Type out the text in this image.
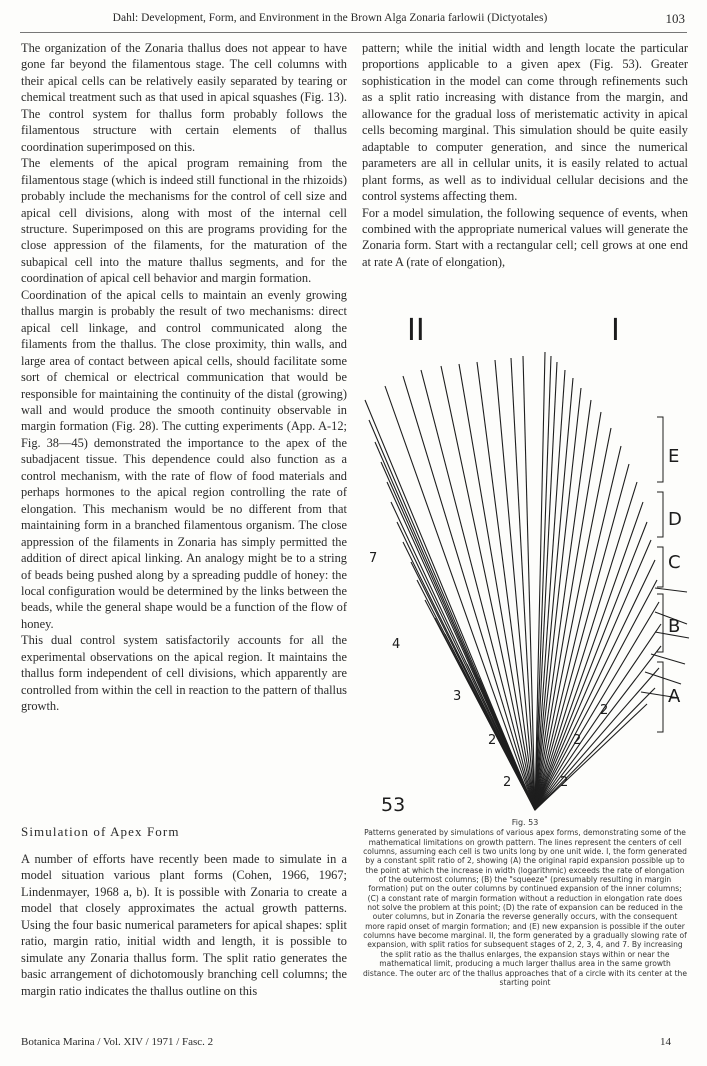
Dahl: Development, Form, and Environment in the Brown Alga Zonaria farlowii (Dictyotales)	103

The organization of the Zonaria thallus does not appear to have gone far beyond the filamentous stage. The cell columns with their apical cells can be relatively easily separated by tearing or chemical treatment such as that used in apical squashes (Fig. 13). The control system for thallus form probably follows the filamentous structure with certain elements of thallus coordination superimposed on this.

The elements of the apical program remaining from the filamentous stage (which is indeed still functional in the rhizoids) probably include the mechanisms for the control of cell size and apical cell divisions, along with most of the internal cell structure. Superimposed on this are programs providing for the close appression of the filaments, for the maturation of the subapical cell into the mature thallus segments, and for the coordination of apical cell behavior and margin formation.

Coordination of the apical cells to maintain an evenly growing thallus margin is probably the result of two mechanisms: direct apical cell linkage, and control communicated along the filaments from the thallus. The close proximity, thin walls, and large area of contact between apical cells, should facilitate some sort of chemical or electrical communication that would be responsible for maintaining the continuity of the distal (growing) wall and would produce the smooth continuity observable in margin formation (Fig. 28). The cutting experiments (App. A-12; Fig. 38—45) demonstrated the importance to the apex of the subadjacent tissue. This dependence could also function as a control mechanism, with the rate of flow of food materials and perhaps hormones to the apical region controlling the rate of elongation. This mechanism would be no different from that maintaining form in a branched filamentous organism. The close appression of the filaments in Zonaria has simply permitted the addition of direct apical linking. An analogy might be to a string of beads being pushed along by a spreading puddle of honey: the local configuration would be determined by the links between the beads, while the general shape would be a function of the flow of honey.

This dual control system satisfactorily accounts for all the experimental observations on the apical region. It maintains the thallus form independent of cell divisions, which apparently are controlled from within the cell in reaction to the pattern of thallus growth.

Simulation of Apex Form

A number of efforts have recently been made to simulate in a model situation various plant forms (Cohen, 1966, 1967; Lindenmayer, 1968 a, b). It is possible with Zonaria to create a model that closely approximates the actual growth patterns. Using the four basic numerical parameters for apical shapes: split ratio, margin ratio, initial width and length, it is possible to simulate any Zonaria thallus form. The split ratio generates the basic arrangement of dichotomously branching cell columns; the margin ratio indicates the thallus outline on this

pattern; while the initial width and length locate the particular proportions applicable to a given apex (Fig. 53). Greater sophistication in the model can come through refinements such as a split ratio increasing with distance from the margin, and allowance for the gradual loss of meristematic activity in apical cells becoming marginal. This simulation should be quite easily adaptable to computer generation, and since the numerical parameters are all in cellular units, it is easily related to actual plant forms, as well as to individual cellular decisions and the control systems affecting them.

For a model simulation, the following sequence of events, when combined with the appropriate numerical values will generate the Zonaria form. Start with a rectangular cell; cell grows at one end at rate A (rate of elongation),

II	I
53
E
D
C
B
A
7
4
3
2
2	2
2
2
Fig. 53
Patterns generated by simulations of various apex forms, demonstrating some of the mathematical limitations on growth pattern. The lines represent the centers of cell columns, assuming each cell is two units long by one unit wide. I, the form generated by a constant split ratio of 2, showing (A) the original rapid expansion possible up to the point at which the increase in width (logarithmic) exceeds the rate of elongation of the outermost columns; (B) the "squeeze" (presumably resulting in margin formation) put on the outer columns by continued expansion of the inner columns; (C) a constant rate of margin formation without a reduction in elongation rate does not solve the problem at this point; (D) the rate of expansion can be reduced in the outer columns, but in Zonaria the reverse generally occurs, with the consequent more rapid onset of margin formation; and (E) new expansion is possible if the outer columns have become marginal. II, the form generated by a gradually slowing rate of expansion, with split ratios for subsequent stages of 2, 2, 3, 4, and 7. By increasing the split ratio as the thallus enlarges, the expansion stays within or near the mathematical limit, producing a much larger thallus area in the same growth distance. The outer arc of the thallus approaches that of a circle with its center at the starting point
Botanica Marina / Vol. XIV / 1971 / Fasc. 2	14
